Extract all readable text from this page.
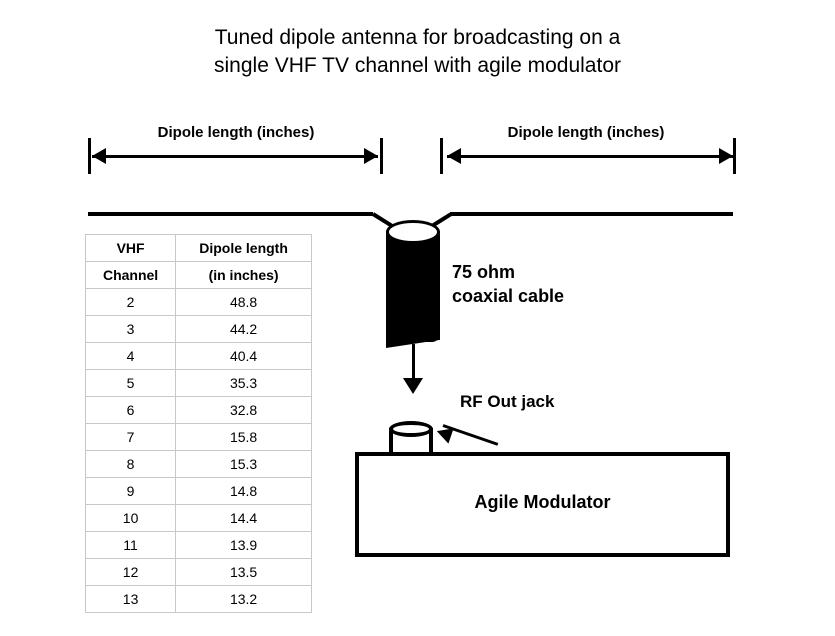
Tuned dipole antenna for broadcasting on a
single VHF TV channel with agile modulator
Dipole length (inches)	Dipole length (inches)
75 ohm
coaxial cable
RF Out jack
Agile Modulator
VHF	Dipole length
Channel	(in inches)
2	48.8
3	44.2
4	40.4
5	35.3
6	32.8
7	15.8
8	15.3
9	14.8
10	14.4
11	13.9
12	13.5
13	13.2
